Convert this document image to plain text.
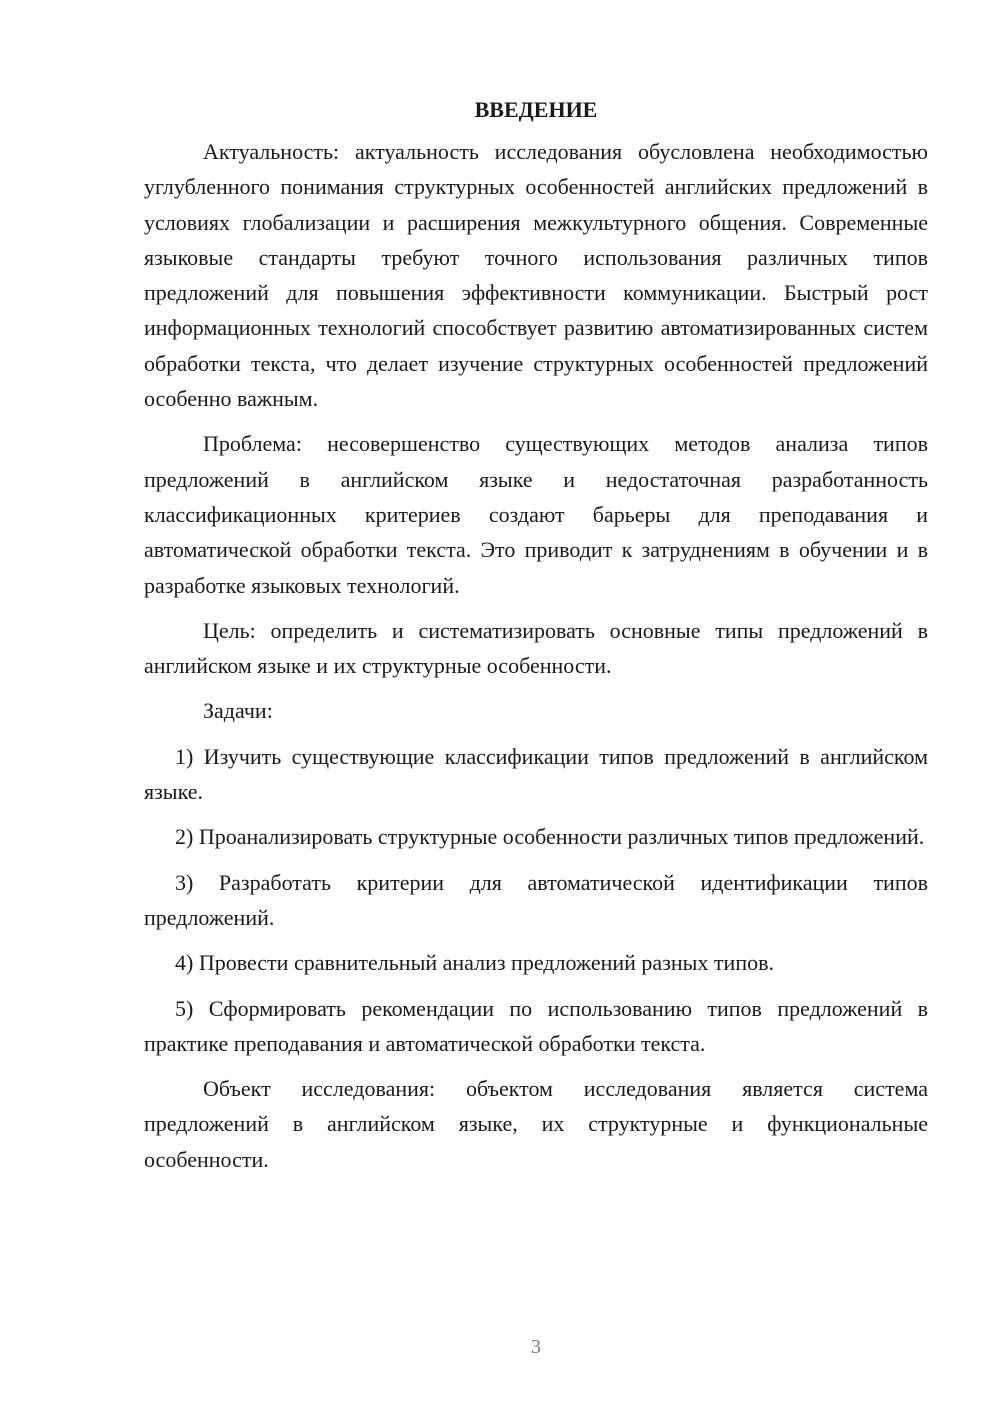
ВВЕДЕНИЕ

Актуальность: актуальность исследования обусловлена необходимостью углубленного понимания структурных особенностей английских предложений в условиях глобализации и расширения межкультурного общения. Современные языковые стандарты требуют точного использования различных типов предложений для повышения эффективности коммуникации. Быстрый рост информационных технологий способствует развитию автоматизированных систем обработки текста, что делает изучение структурных особенностей предложений особенно важным.

Проблема: несовершенство существующих методов анализа типов предложений в английском языке и недостаточная разработанность классификационных критериев создают барьеры для преподавания и автоматической обработки текста. Это приводит к затруднениям в обучении и в разработке языковых технологий.

Цель: определить и систематизировать основные типы предложений в английском языке и их структурные особенности.

Задачи:

1) Изучить существующие классификации типов предложений в английском языке.

2) Проанализировать структурные особенности различных типов предложений.

3) Разработать критерии для автоматической идентификации типов предложений.

4) Провести сравнительный анализ предложений разных типов.

5) Сформировать рекомендации по использованию типов предложений в практике преподавания и автоматической обработки текста.

Объект исследования: объектом исследования является система предложений в английском языке, их структурные и функциональные особенности.

3
